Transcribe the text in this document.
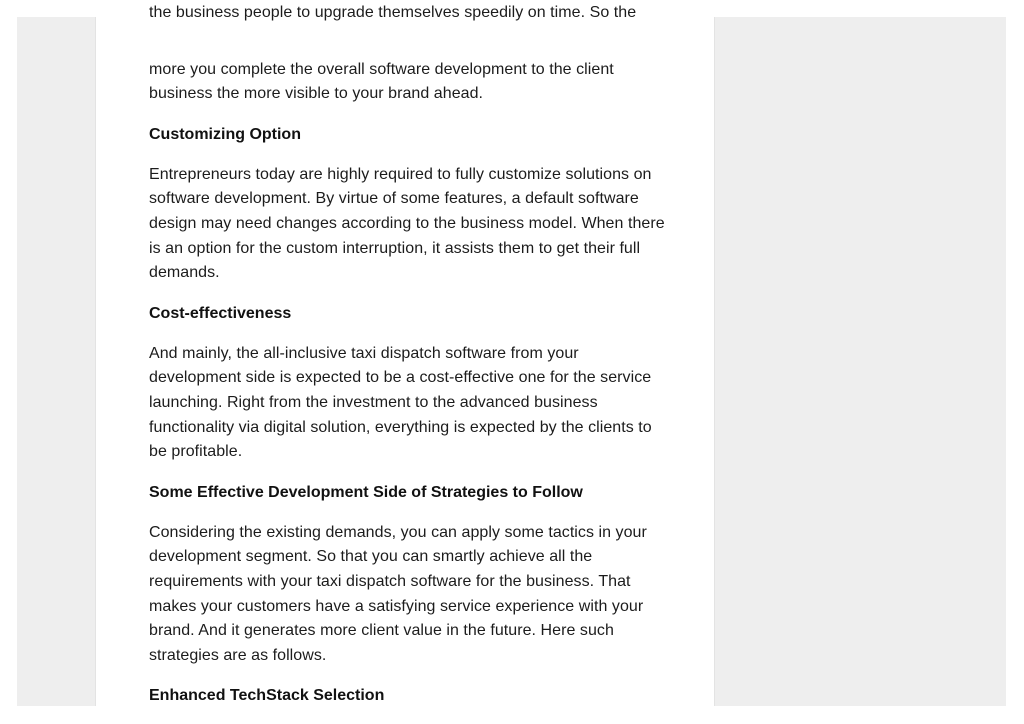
the business people to upgrade themselves speedily on time. So the

more you complete the overall software development to the client business the more visible to your brand ahead.

Customizing Option

Entrepreneurs today are highly required to fully customize solutions on software development. By virtue of some features, a default software design may need changes according to the business model. When there is an option for the custom interruption, it assists them to get their full demands.

Cost-effectiveness

And mainly, the all-inclusive taxi dispatch software from your development side is expected to be a cost-effective one for the service launching. Right from the investment to the advanced business functionality via digital solution, everything is expected by the clients to be profitable.

Some Effective Development Side of Strategies to Follow

Considering the existing demands, you can apply some tactics in your development segment. So that you can smartly achieve all the requirements with your taxi dispatch software for the business. That makes your customers have a satisfying service experience with your brand. And it generates more client value in the future. Here such strategies are as follows.

Enhanced TechStack Selection
